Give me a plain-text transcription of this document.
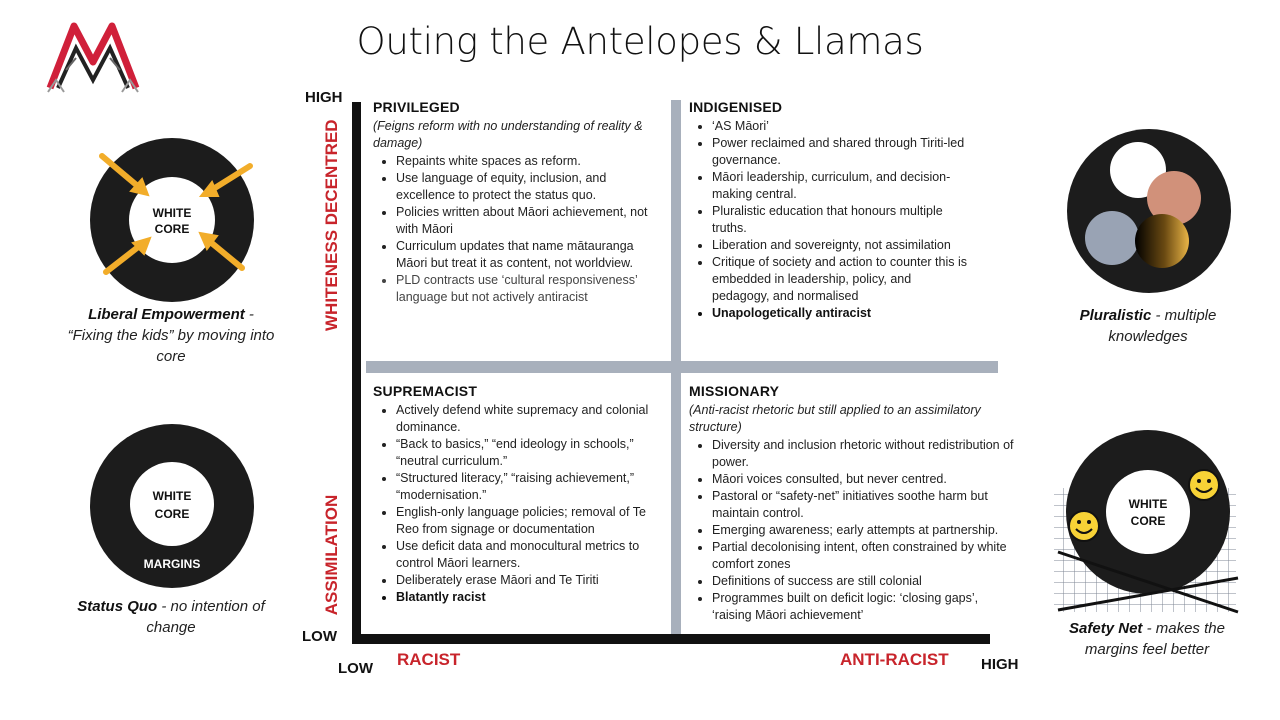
Outing the Antelopes & Llamas
WHITE
CORE
Liberal Empowerment - “Fixing the kids” by moving into core
WHITE
CORE
MARGINS
Status Quo - no intention of change
Pluralistic - multiple knowledges
WHITE
CORE
Safety Net - makes the margins feel better
HIGH
LOW
LOW	HIGH
WHITENESS DECENTRED
ASSIMILATION
RACIST	ANTI-RACIST
PRIVILEGED
(Feigns reform with no understanding of reality & damage)
• Repaints white spaces as reform.
• Use language of equity, inclusion, and excellence to protect the status quo.
• Policies written about Māori achievement, not with Māori
• Curriculum updates that name mātauranga Māori but treat it as content, not worldview.
• PLD contracts use ‘cultural responsiveness’ language but not actively antiracist
INDIGENISED
• ‘AS Māori’
• Power reclaimed and shared through Tiriti-led governance.
• Māori leadership, curriculum, and decision-making central.
• Pluralistic education that honours multiple truths.
• Liberation and sovereignty, not assimilation
• Critique of society and action to counter this is embedded in leadership, policy, and pedagogy, and normalised
• Unapologetically antiracist
SUPREMACIST
• Actively defend white supremacy and colonial dominance.
• “Back to basics,” “end ideology in schools,” “neutral curriculum.”
• “Structured literacy,” “raising achievement,” “modernisation.”
• English-only language policies; removal of Te Reo from signage or documentation
• Use deficit data and monocultural metrics to control Māori learners.
• Deliberately erase Māori and Te Tiriti
• Blatantly racist
MISSIONARY
(Anti-racist rhetoric but still applied to an assimilatory structure)
• Diversity and inclusion rhetoric without redistribution of power.
• Māori voices consulted, but never centred.
• Pastoral or “safety-net” initiatives soothe harm but maintain control.
• Emerging awareness; early attempts at partnership.
• Partial decolonising intent, often constrained by white comfort zones
• Definitions of success are still colonial
• Programmes built on deficit logic: ‘closing gaps’, ‘raising Māori achievement’
